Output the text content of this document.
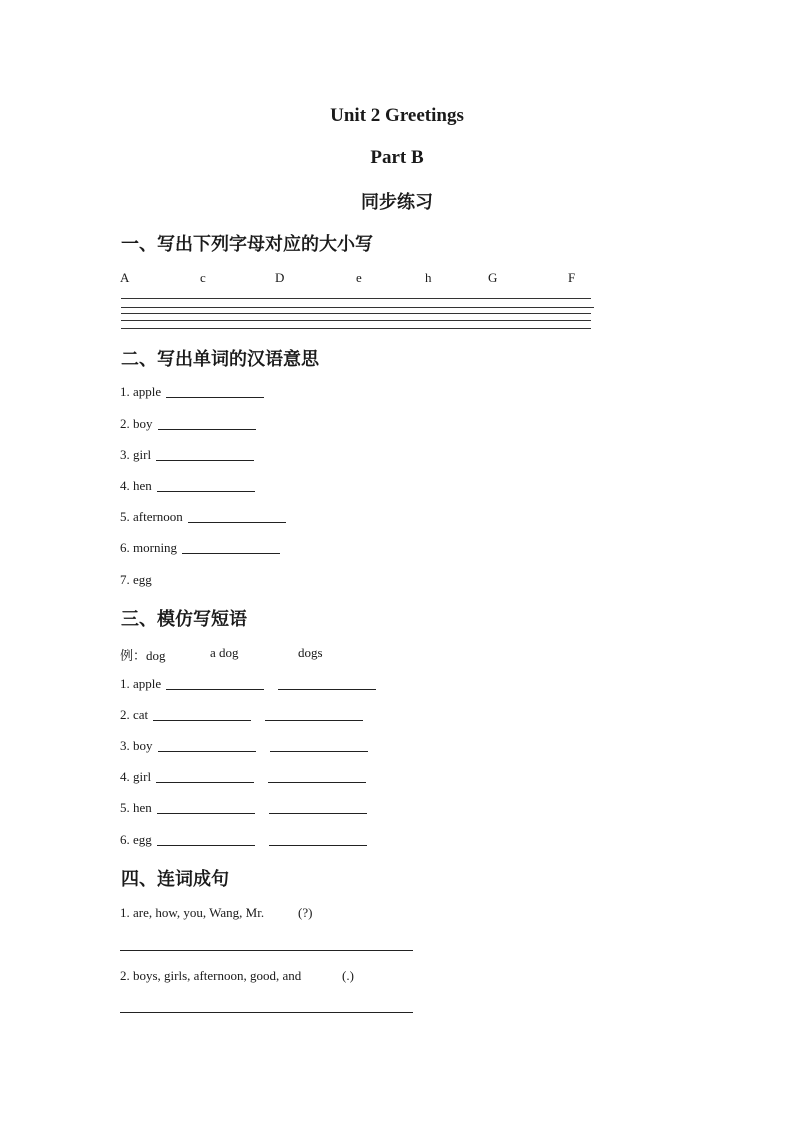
Unit 2 Greetings
Part B
同步练习
一、写出下列字母对应的大小写
A	c	D	e	h	G	F
二、写出单词的汉语意思
1. apple
2. boy
3. girl
4. hen
5. afternoon
6. morning
7. egg
三、模仿写短语
例：dog	a dog	dogs
1. apple
2. cat
3. boy
4. girl
5. hen
6. egg
四、连词成句
1. are, how, you, Wang, Mr.	(?)
2. boys, girls, afternoon, good, and	(.)
